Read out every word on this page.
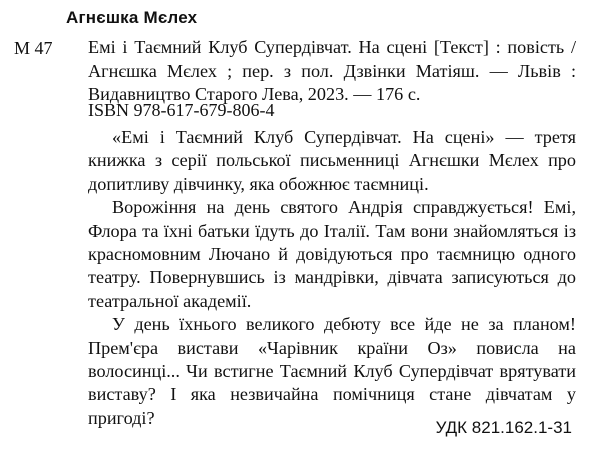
Агнєшка Мєлех
М 47 Емі і Таємний Клуб Супердівчат. На сцені [Текст] : повість / Агнєшка Мєлех ; пер. з пол. Дзвінки Матіяш. — Львів : Видавництво Старого Лева, 2023. — 176 с.

ISBN 978-617-679-806-4

«Емі і Таємний Клуб Супердівчат. На сцені» — третя книжка з серії польської письменниці Агнєшки Мєлех про допитливу дівчинку, яка обожнює таємниці.

Ворожіння на день святого Андрія справджується! Емі, Флора та їхні батьки їдуть до Італії. Там вони знайомляться із красномовним Лючано й довідуються про таємницю одного театру. Повернувшись із мандрівки, дівчата записуються до театральної академії.

У день їхнього великого дебюту все йде не за планом! Прем'єра вистави «Чарівник країни Оз» повисла на волосинці... Чи встигне Таємний Клуб Супердівчат врятувати виставу? І яка незвичайна помічниця стане дівчатам у пригоді?	УДК 821.162.1-31
